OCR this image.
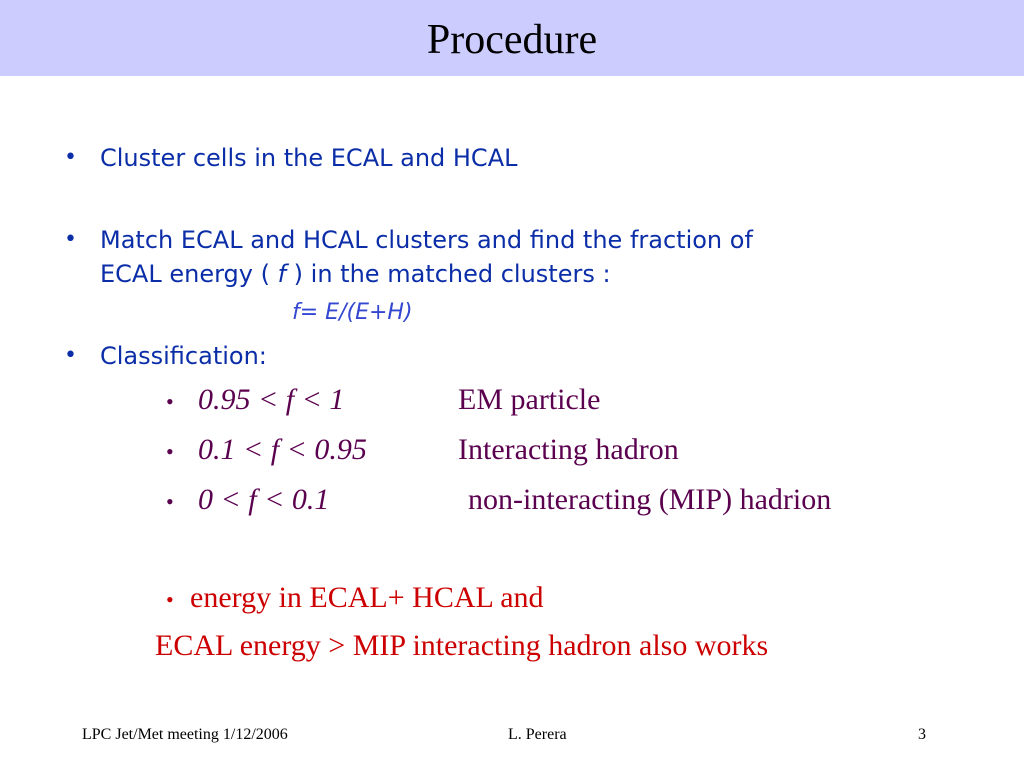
Procedure
• Cluster cells in the ECAL and HCAL
• Match ECAL and HCAL clusters and find the fraction of
ECAL energy ( f ) in the matched clusters :
f= E/(E+H)
• Classification:
• 0.95 < f < 1	EM particle
• 0.1 < f < 0.95	Interacting hadron
• 0 < f < 0.1	non-interacting (MIP) hadrion
• energy in ECAL+ HCAL and
ECAL energy > MIP interacting hadron also works
LPC Jet/Met meeting 1/12/2006	L. Perera	3
